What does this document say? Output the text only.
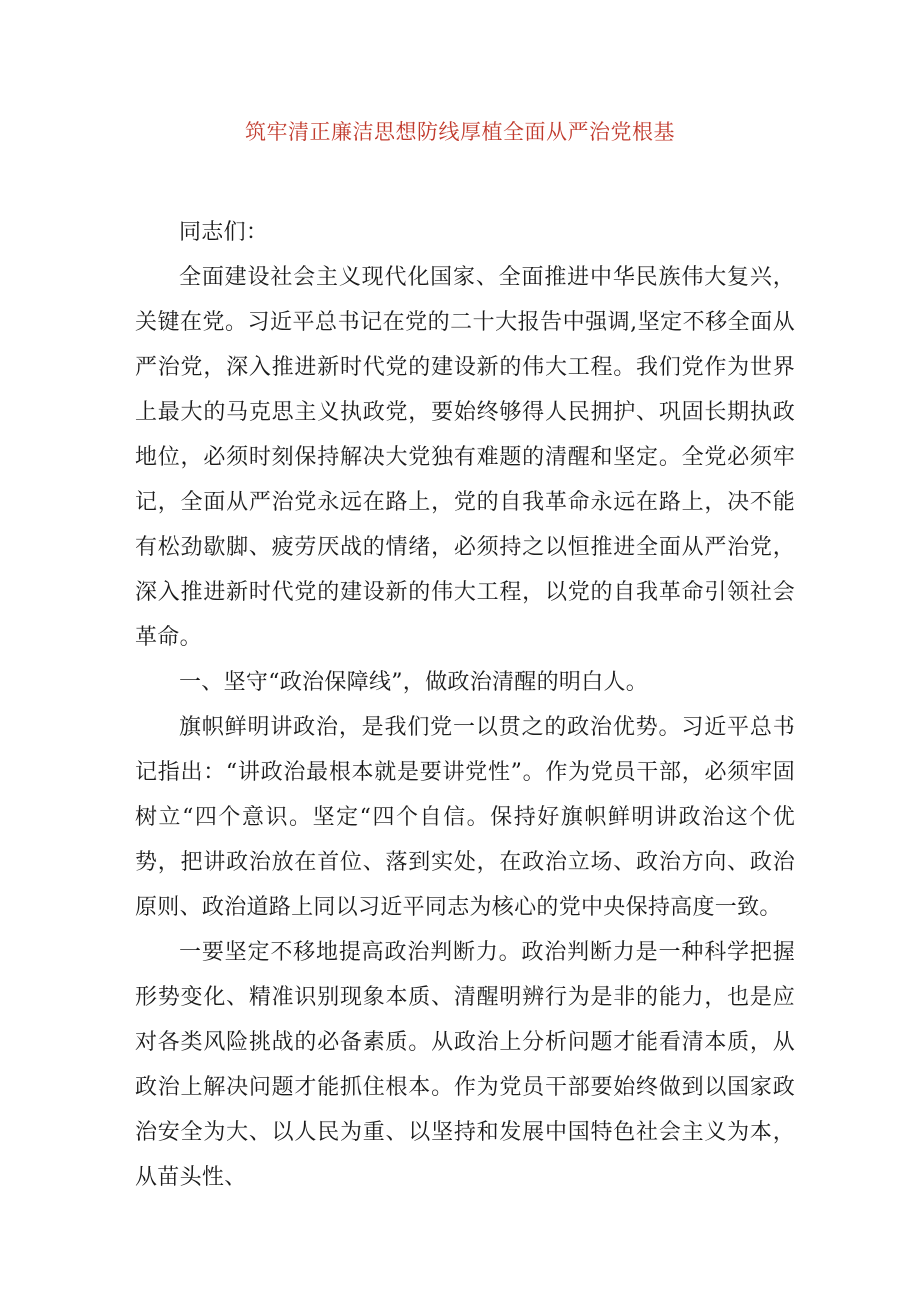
筑牢清正廉洁思想防线厚植全面从严治党根基

同志们：

全面建设社会主义现代化国家、全面推进中华民族伟大复兴，关键在党。习近平总书记在党的二十大报告中强调,坚定不移全面从严治党，深入推进新时代党的建设新的伟大工程。我们党作为世界上最大的马克思主义执政党，要始终够得人民拥护、巩固长期执政地位，必须时刻保持解决大党独有难题的清醒和坚定。全党必须牢记，全面从严治党永远在路上，党的自我革命永远在路上，决不能有松劲歇脚、疲劳厌战的情绪，必须持之以恒推进全面从严治党，深入推进新时代党的建设新的伟大工程，以党的自我革命引领社会革命。

一、坚守“政治保障线”，做政治清醒的明白人。

旗帜鲜明讲政治，是我们党一以贯之的政治优势。习近平总书记指出：“讲政治最根本就是要讲党性”。作为党员干部，必须牢固树立“四个意识。坚定“四个自信。保持好旗帜鲜明讲政治这个优势，把讲政治放在首位、落到实处，在政治立场、政治方向、政治原则、政治道路上同以习近平同志为核心的党中央保持高度一致。

一要坚定不移地提高政治判断力。政治判断力是一种科学把握形势变化、精准识别现象本质、清醒明辨行为是非的能力，也是应对各类风险挑战的必备素质。从政治上分析问题才能看清本质，从政治上解决问题才能抓住根本。作为党员干部要始终做到以国家政治安全为大、以人民为重、以坚持和发展中国特色社会主义为本，从苗头性、
